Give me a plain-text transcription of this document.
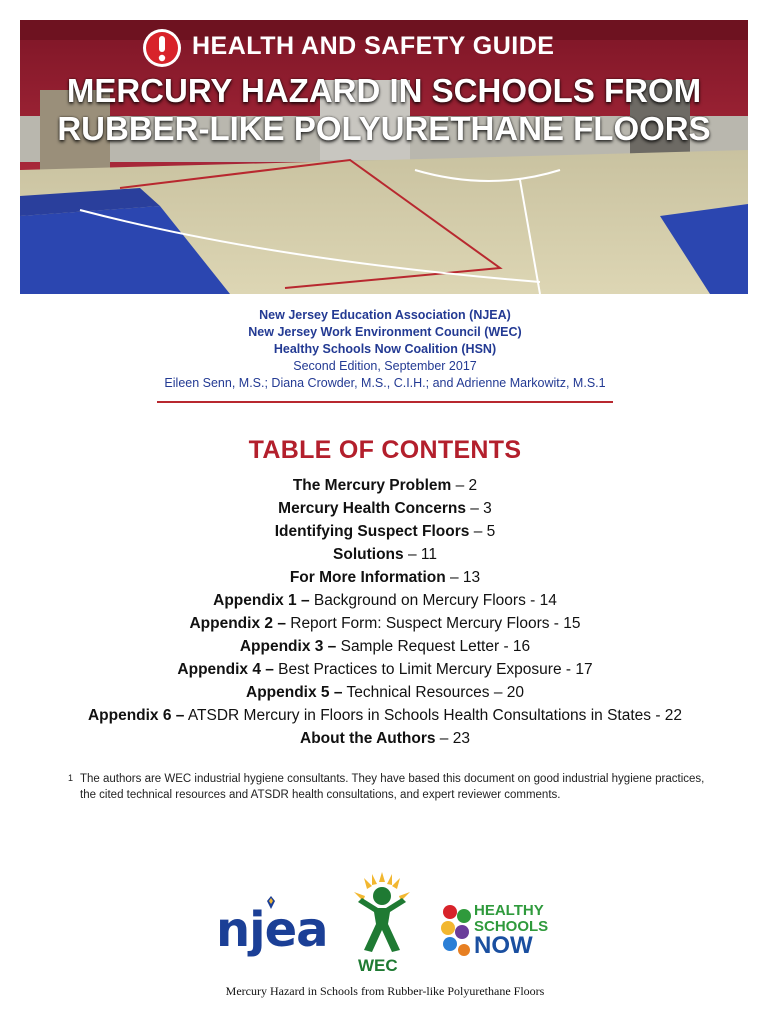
HEALTH AND SAFETY GUIDE
MERCURY HAZARD IN SCHOOLS FROM
RUBBER-LIKE POLYURETHANE FLOORS
New Jersey Education Association (NJEA)
New Jersey Work Environment Council (WEC)
Healthy Schools Now Coalition (HSN)
Second Edition, September 2017
Eileen Senn, M.S.; Diana Crowder, M.S., C.I.H.; and Adrienne Markowitz, M.S.1
TABLE OF CONTENTS
The Mercury Problem – 2
Mercury Health Concerns – 3
Identifying Suspect Floors – 5
Solutions – 11
For More Information – 13
Appendix 1 – Background on Mercury Floors - 14
Appendix 2 – Report Form: Suspect Mercury Floors - 15
Appendix 3 – Sample Request Letter - 16
Appendix 4 – Best Practices to Limit Mercury Exposure - 17
Appendix 5 – Technical Resources – 20
Appendix 6 – ATSDR Mercury in Floors in Schools Health Consultations in States - 22
About the Authors – 23
1 The authors are WEC industrial hygiene consultants. They have based this document on good industrial hygiene practices, the cited technical resources and ATSDR health consultations, and expert reviewer comments.
njea
WEC
HEALTHY
SCHOOLS
NOW
Mercury Hazard in Schools from Rubber-like Polyurethane Floors
